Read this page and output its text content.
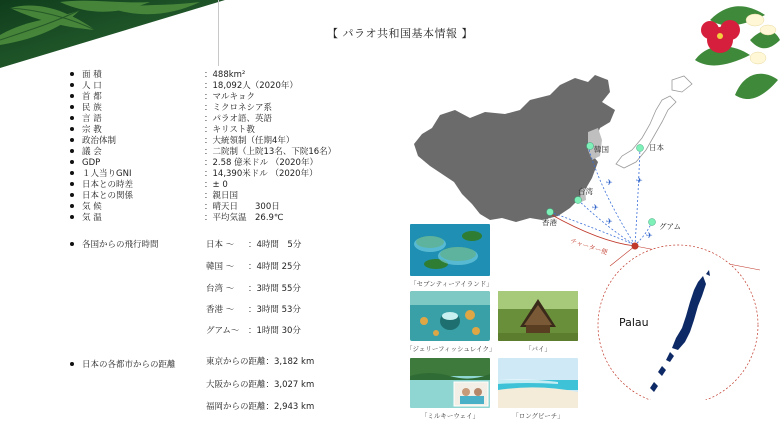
【 パラオ共和国基本情報 】
面 積	：488km²
人 口	：18,092人（2020年）
首 都	：マルキョク
民 族	：ミクロネシア系
言 語	：パラオ語、英語
宗 教	：キリスト教
政治体制	：大統領制（任期4年）
議 会	：二院制（上院13名、下院16名）
GDP	：2.58 億米ドル （2020年）
１人当りGNI	：14,390米ドル （2020年）
日本との時差	：± 0
日本との関係	：親日国
気 候	：晴天日　　300日
気 温	：平均気温　26.9℃
各国からの飛行時間	日本 ～ ：4時間　5分
韓国 ～ ：4時間 25分
台湾 ～ ：3時間 55分
香港 ～ ：3時間 53分
グアム～ ：1時間 30分
日本の各都市からの距離	東京からの距離：3,182 km
大阪からの距離：3,027 km
福岡からの距離：2,943 km
✈	✈
✈
✈
✈
韓国	日本
台湾
香港	グアム
チャーター便
Palau
「セブンティーアイランド」
「ジェリーフィッシュレイク」	「バイ」
「ミルキーウェイ」	「ロングビーチ」
